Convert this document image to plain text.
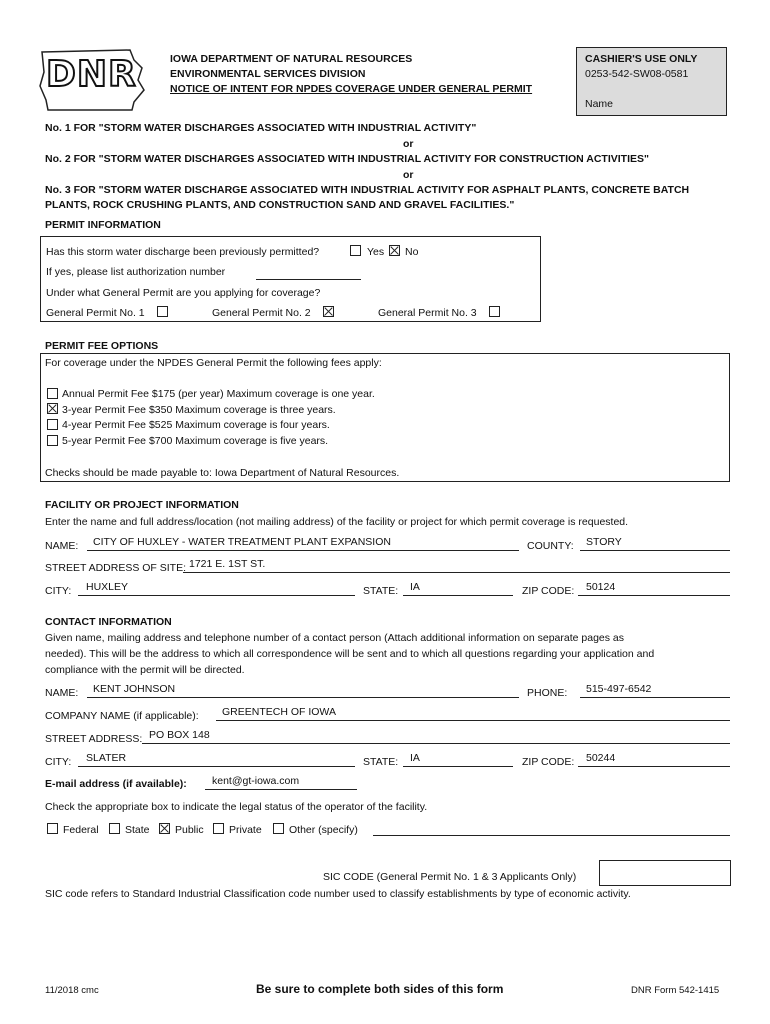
DNR	IOWA DEPARTMENT OF NATURAL RESOURCES
ENVIRONMENTAL SERVICES DIVISION
NOTICE OF INTENT FOR NPDES COVERAGE UNDER GENERAL PERMIT
CASHIER'S USE ONLY
0253-542-SW08-0581
Name
No. 1 FOR "STORM WATER DISCHARGES ASSOCIATED WITH INDUSTRIAL ACTIVITY"
or
No. 2 FOR "STORM WATER DISCHARGES ASSOCIATED WITH INDUSTRIAL ACTIVITY FOR CONSTRUCTION ACTIVITIES"
or
No. 3 FOR "STORM WATER DISCHARGE ASSOCIATED WITH INDUSTRIAL ACTIVITY FOR ASPHALT PLANTS, CONCRETE BATCH
PLANTS, ROCK CRUSHING PLANTS, AND CONSTRUCTION SAND AND GRAVEL FACILITIES."
PERMIT INFORMATION
Has this storm water discharge been previously permitted?	Yes No
If yes, please list authorization number
Under what General Permit are you applying for coverage?
General Permit No. 1	General Permit No. 2	General Permit No. 3
PERMIT FEE OPTIONS
For coverage under the NPDES General Permit the following fees apply:
Annual Permit Fee $175 (per year) Maximum coverage is one year.
3-year Permit Fee $350 Maximum coverage is three years.
4-year Permit Fee $525 Maximum coverage is four years.
5-year Permit Fee $700 Maximum coverage is five years.
Checks should be made payable to: Iowa Department of Natural Resources.
FACILITY OR PROJECT INFORMATION
Enter the name and full address/location (not mailing address) of the facility or project for which permit coverage is requested.
NAME: CITY OF HUXLEY - WATER TREATMENT PLANT EXPANSION	COUNTY: STORY
STREET ADDRESS OF SITE: 1721 E. 1ST ST.
CITY: HUXLEY	STATE: IA	ZIP CODE: 50124
CONTACT INFORMATION
Given name, mailing address and telephone number of a contact person (Attach additional information on separate pages as
needed). This will be the address to which all correspondence will be sent and to which all questions regarding your application and
compliance with the permit will be directed.
NAME: KENT JOHNSON	PHONE: 515-497-6542
COMPANY NAME (if applicable): GREENTECH OF IOWA
STREET ADDRESS: PO BOX 148
CITY: SLATER	STATE: IA	ZIP CODE: 50244
E-mail address (if available): kent@gt-iowa.com
Check the appropriate box to indicate the legal status of the operator of the facility.
Federal	State Public Private	Other (specify)
SIC CODE (General Permit No. 1 & 3 Applicants Only)
SIC code refers to Standard Industrial Classification code number used to classify establishments by type of economic activity.
11/2018 cmc	Be sure to complete both sides of this form	DNR Form 542-1415
